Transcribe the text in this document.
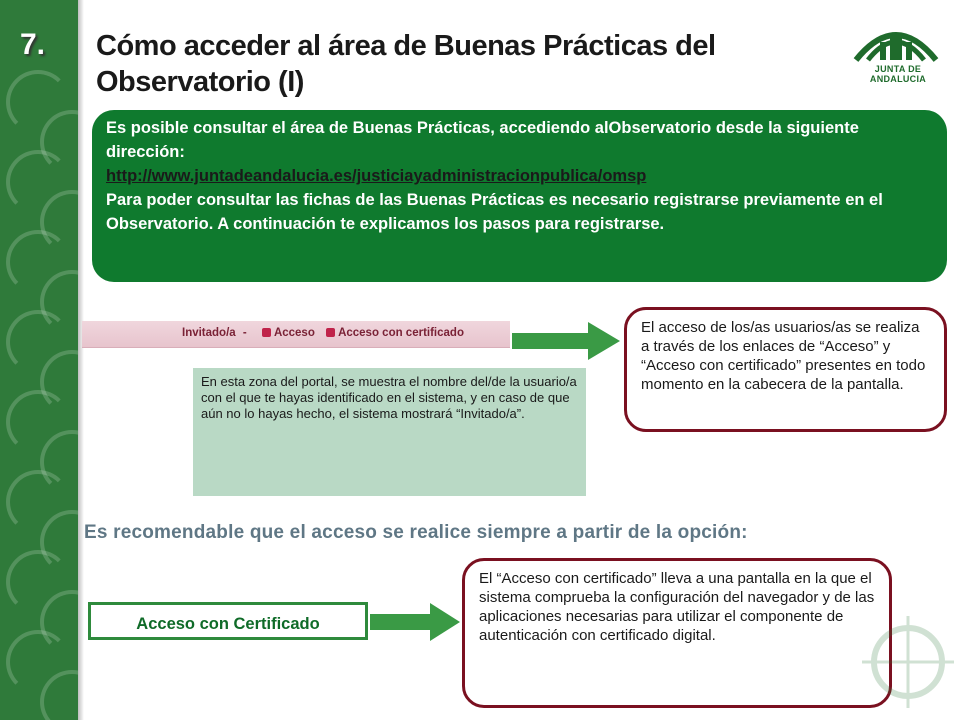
7. Cómo acceder al área de Buenas Prácticas del
Observatorio (I)	JUNTA DE ANDALUCIA

Es posible consultar el área de Buenas Prácticas, accediendo alObservatorio desde la siguiente dirección:

http://www.juntadeandalucia.es/justiciayadministracionpublica/omsp

Para poder consultar las fichas de las Buenas Prácticas es necesario registrarse previamente en el Observatorio. A continuación te explicamos los pasos para registrarse.

Invitado/a - Acceso Acceso con certificado	El acceso de los/as usuarios/as se realiza a través de los enlaces de “Acceso” y “Acceso con certificado” presentes en todo momento en la cabecera de la pantalla.
En esta zona del portal, se muestra el nombre del/de la usuario/a con el que te hayas identificado en el sistema, y en caso de que aún no lo hayas hecho, el sistema mostrará “Invitado/a”.
Es recomendable que el acceso se realice siempre a partir de la opción:
Acceso con Certificado
El “Acceso con certificado” lleva a una pantalla en la que el sistema comprueba la configuración del navegador y de las aplicaciones necesarias para utilizar el componente de autenticación con certificado digital.
